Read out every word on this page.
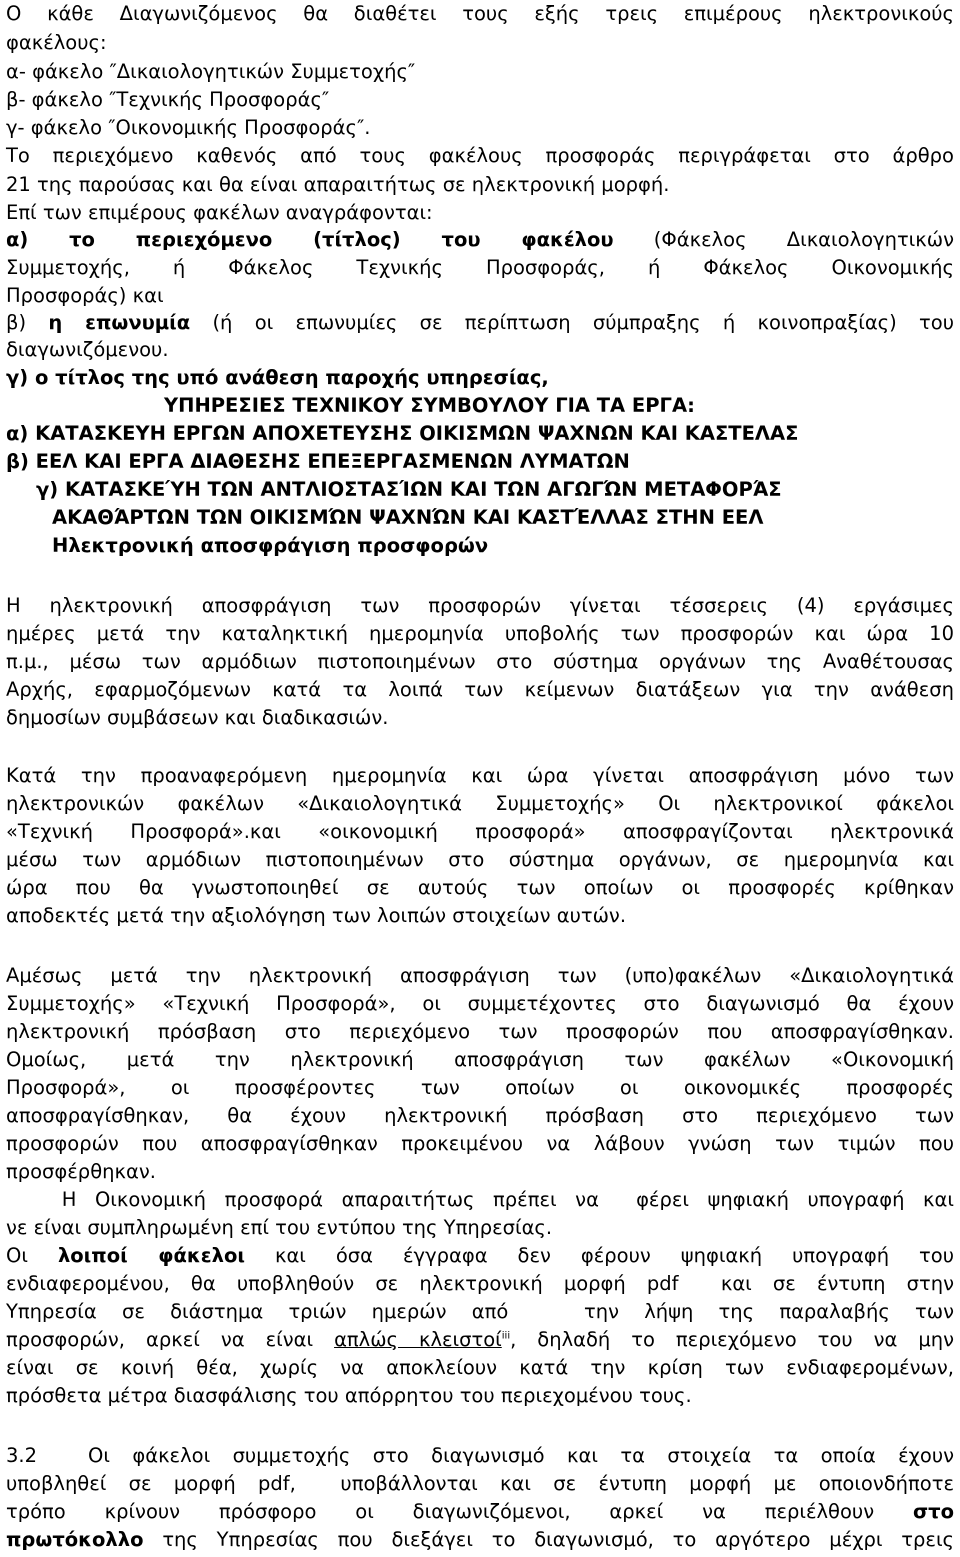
Ο κάθε Διαγωνιζόμενος θα διαθέτει τους εξής τρεις επιμέρους ηλεκτρονικούς
φακέλους:
α- φάκελο ″Δικαιολογητικών Συμμετοχής″
β- φάκελο ″Τεχνικής Προσφοράς″
γ- φάκελο ″Οικονομικής Προσφοράς″.
Το περιεχόμενο καθενός από τους φακέλους προσφοράς περιγράφεται στο άρθρο
21 της παρούσας και θα είναι απαραιτήτως σε ηλεκτρονική μορφή.
Επί των επιμέρους φακέλων αναγράφονται:
α) το περιεχόμενο (τίτλος) του φακέλου (Φάκελος Δικαιολογητικών
Συμμετοχής, ή Φάκελος Τεχνικής Προσφοράς, ή Φάκελος Οικονομικής
Προσφοράς) και
β) η επωνυμία (ή οι επωνυμίες σε περίπτωση σύμπραξης ή κοινοπραξίας) του
διαγωνιζόμενου.
γ) ο τίτλος της υπό ανάθεση παροχής υπηρεσίας,
ΥΠΗΡΕΣΙΕΣ ΤΕΧΝΙΚΟΥ ΣΥΜΒΟΥΛΟΥ ΓΙΑ ΤΑ ΕΡΓΑ:
α) ΚΑΤΑΣΚΕΥΗ ΕΡΓΩΝ ΑΠΟΧΕΤΕΥΣΗΣ ΟΙΚΙΣΜΩΝ ΨΑΧΝΩΝ ΚΑΙ ΚΑΣΤΕΛΑΣ
β) ΕΕΛ ΚΑΙ ΕΡΓΑ ΔΙΑΘΕΣΗΣ ΕΠΕΞΕΡΓΑΣΜΕΝΩΝ ΛΥΜΑΤΩΝ
γ) ΚΑΤΑΣΚΕΎΗ ΤΩΝ ΑΝΤΛΙΟΣΤΑΣΊΩΝ ΚΑΙ ΤΩΝ ΑΓΩΓΏΝ ΜΕΤΑΦΟΡΆΣ
ΑΚΑΘΆΡΤΩΝ ΤΩΝ ΟΙΚΙΣΜΏΝ ΨΑΧΝΏΝ ΚΑΙ ΚΑΣΤΈΛΛΑΣ ΣΤΗΝ ΕΕΛ
Ηλεκτρονική αποσφράγιση προσφορών
Η ηλεκτρονική αποσφράγιση των προσφορών γίνεται τέσσερεις (4) εργάσιμες
ημέρες μετά την καταληκτική ημερομηνία υποβολής των προσφορών και ώρα 10
π.μ., μέσω των αρμόδιων πιστοποιημένων στο σύστημα οργάνων της Αναθέτουσας
Αρχής, εφαρμοζόμενων κατά τα λοιπά των κείμενων διατάξεων για την ανάθεση
δημοσίων συμβάσεων και διαδικασιών.
Κατά την προαναφερόμενη ημερομηνία και ώρα γίνεται αποσφράγιση μόνο των
ηλεκτρονικών φακέλων «Δικαιολογητικά Συμμετοχής» Οι ηλεκτρονικοί φάκελοι
«Τεχνική Προσφορά».και «οικονομική προσφορά» αποσφραγίζονται ηλεκτρονικά
μέσω των αρμόδιων πιστοποιημένων στο σύστημα οργάνων, σε ημερομηνία και
ώρα που θα γνωστοποιηθεί σε αυτούς των οποίων οι προσφορές κρίθηκαν
αποδεκτές μετά την αξιολόγηση των λοιπών στοιχείων αυτών.
Αμέσως μετά την ηλεκτρονική αποσφράγιση των (υπο)φακέλων «Δικαιολογητικά
Συμμετοχής» «Τεχνική Προσφορά», οι συμμετέχοντες στο διαγωνισμό θα έχουν
ηλεκτρονική πρόσβαση στο περιεχόμενο των προσφορών που αποσφραγίσθηκαν.
Ομοίως, μετά την ηλεκτρονική αποσφράγιση των φακέλων «Οικονομική
Προσφορά», οι προσφέροντες των οποίων οι οικονομικές προσφορές
αποσφραγίσθηκαν, θα έχουν ηλεκτρονική πρόσβαση στο περιεχόμενο των
προσφορών που αποσφραγίσθηκαν προκειμένου να λάβουν γνώση των τιμών που
προσφέρθηκαν.
Η Οικονομική προσφορά απαραιτήτως πρέπει να  φέρει ψηφιακή υπογραφή και
νε είναι συμπληρωμένη επί του εντύπου της Υπηρεσίας.
Οι λοιποί φάκελοι και όσα έγγραφα δεν φέρουν ψηφιακή υπογραφή του
ενδιαφερομένου, θα υποβληθούν σε ηλεκτρονική μορφή pdf  και σε έντυπη στην
Υπηρεσία σε διάστημα τριών ημερών από   την λήψη της παραλαβής των
προσφορών, αρκεί να είναι απλώς κλειστοί$^{iii}$, δηλαδή το περιεχόμενο του να μην
είναι σε κοινή θέα, χωρίς να αποκλείουν κατά την κρίση των ενδιαφερομένων,
πρόσθετα μέτρα διασφάλισης του απόρρητου του περιεχομένου τους.
3.2	Οι φάκελοι συμμετοχής στο διαγωνισμό και τα στοιχεία τα οποία έχουν
υποβληθεί σε μορφή pdf,  υποβάλλονται και σε έντυπη μορφή με οποιονδήποτε
τρόπο κρίνουν πρόσφορο οι διαγωνιζόμενοι, αρκεί να περιέλθουν στο
πρωτόκολλο της Υπηρεσίας που διεξάγει το διαγωνισμό, το αργότερο μέχρι τρεις
